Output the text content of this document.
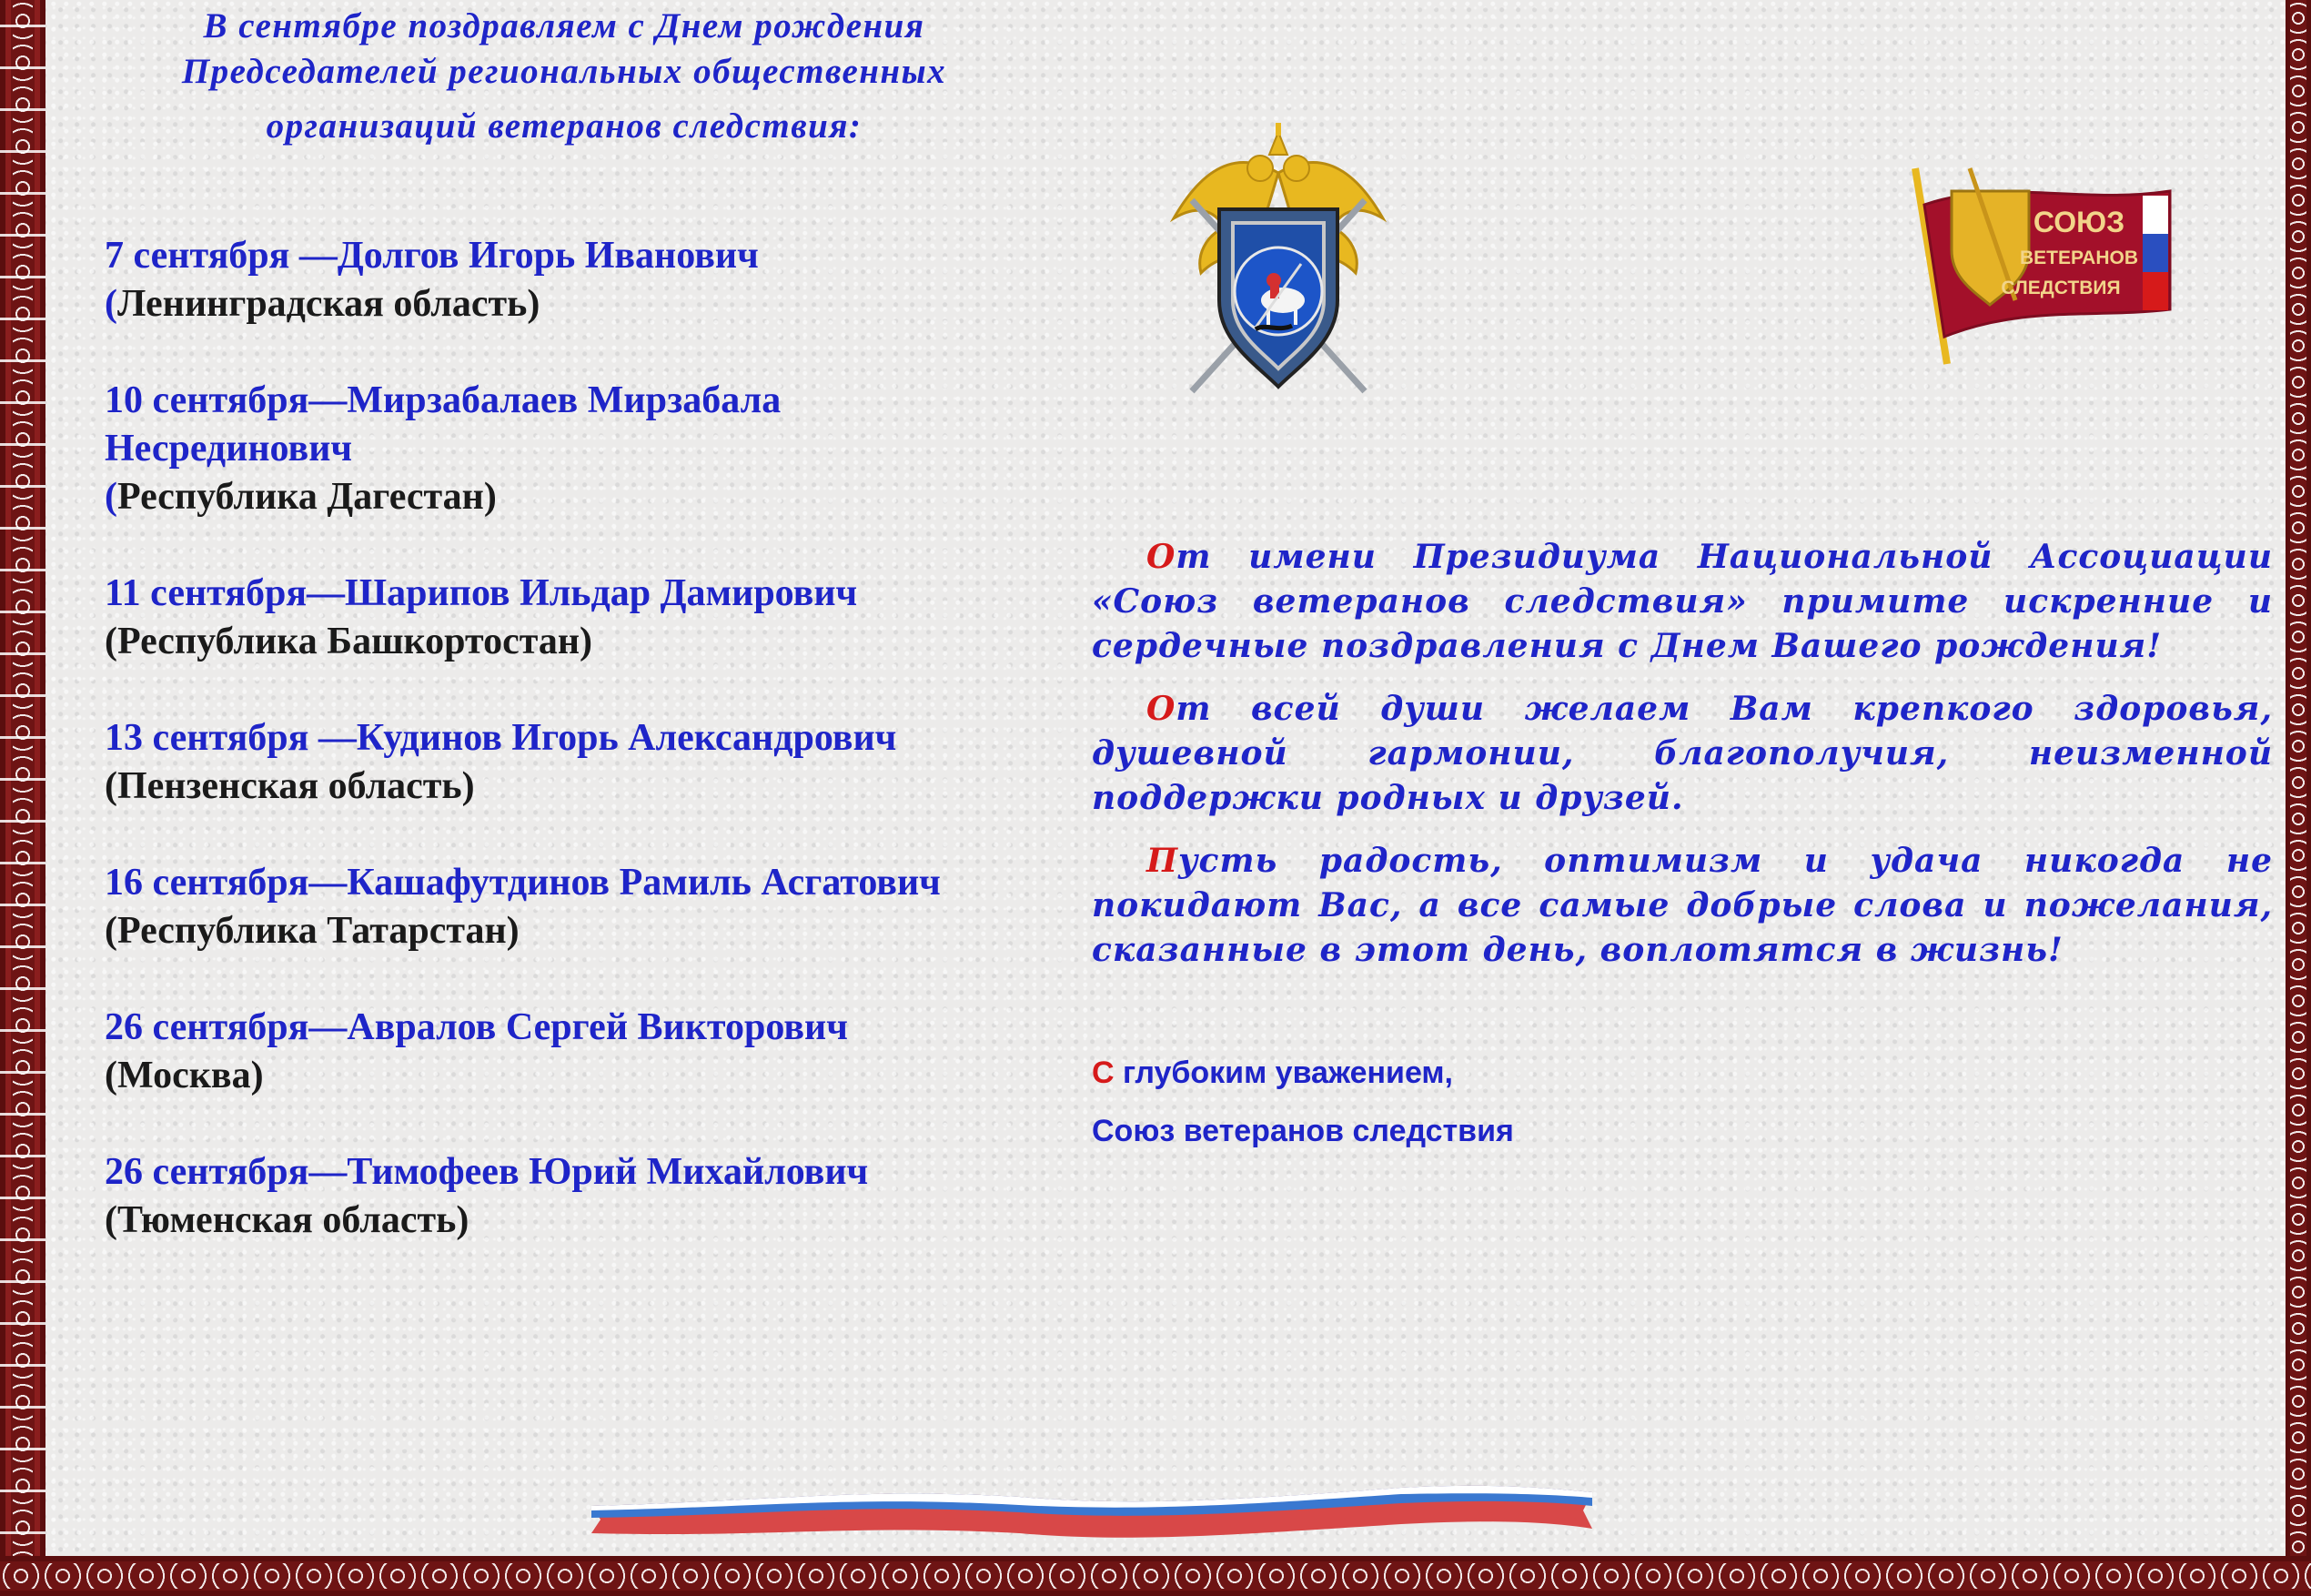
В сентябре поздравляем с Днем рождения
Председателей региональных общественных
организаций ветеранов следствия:
7 сентября —Долгов Игорь Иванович
(Ленинградская область)
10 сентября—Мирзабалаев Мирзабала Несрединович
(Республика Дагестан)
11 сентября—Шарипов Ильдар Дамирович
(Республика Башкортостан)
13 сентября —Кудинов Игорь Александрович
(Пензенская область)
16 сентября—Кашафутдинов Рамиль Асгатович
(Республика Татарстан)
26 сентября—Авралов Сергей Викторович
(Москва)
26 сентября—Тимофеев Юрий Михайлович
(Тюменская область)
СОЮЗ
ВЕТЕРАНОВ
СЛЕДСТВИЯ

От имени Президиума Национальной Ассоциации «Союз ветеранов следствия» примите искренние и сердечные поздравления с Днем Вашего рождения!

От всей души желаем Вам крепкого здоровья, душевной гармонии, благополучия, неизменной поддержки родных и друзей.

Пусть радость, оптимизм и удача никогда не покидают Вас, а все самые добрые слова и пожелания, сказанные в этот день, воплотятся в жизнь!

С глубоким уважением,
Союз ветеранов следствия
